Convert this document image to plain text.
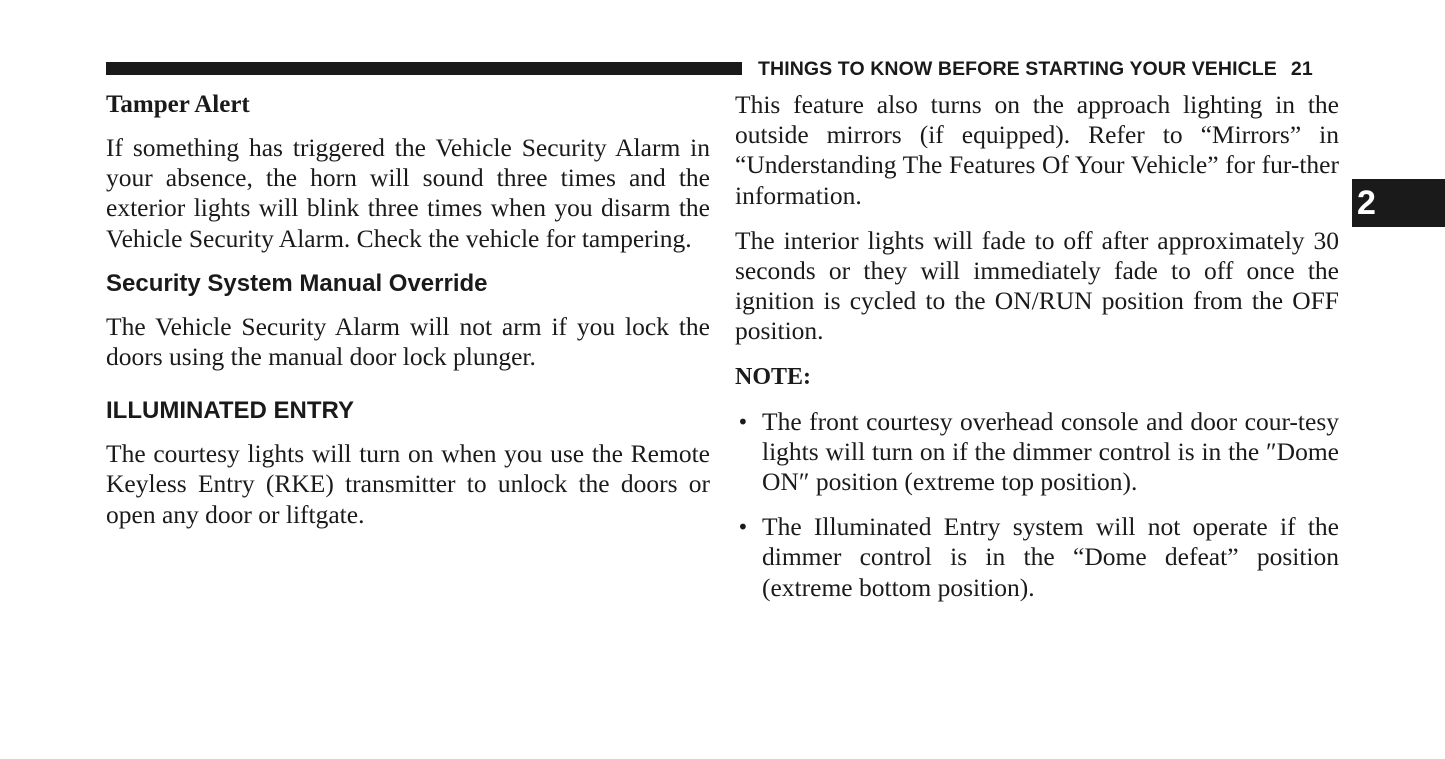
THINGS TO KNOW BEFORE STARTING YOUR VEHICLE 21
2
Tamper Alert

If something has triggered the Vehicle Security Alarm in your absence, the horn will sound three times and the exterior lights will blink three times when you disarm the Vehicle Security Alarm. Check the vehicle for tampering.

Security System Manual Override

The Vehicle Security Alarm will not arm if you lock the doors using the manual door lock plunger.

ILLUMINATED ENTRY

The courtesy lights will turn on when you use the Remote Keyless Entry (RKE) transmitter to unlock the doors or open any door or liftgate.

This feature also turns on the approach lighting in the outside mirrors (if equipped). Refer to “Mirrors” in “Understanding The Features Of Your Vehicle” for fur-ther information.

The interior lights will fade to off after approximately 30 seconds or they will immediately fade to off once the ignition is cycled to the ON/RUN position from the OFF position.

NOTE:
• The front courtesy overhead console and door cour-tesy lights will turn on if the dimmer control is in the ″Dome ON″ position (extreme top position).

• The Illuminated Entry system will not operate if the dimmer control is in the “Dome defeat” position (extreme bottom position).
